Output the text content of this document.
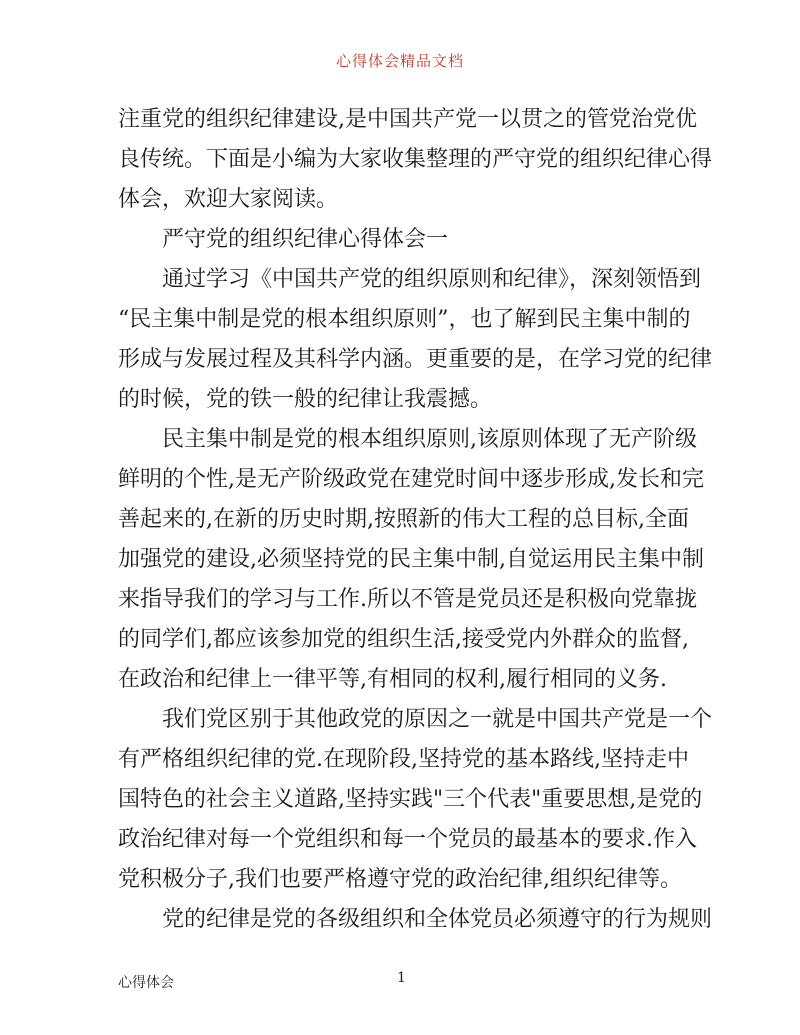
心得体会精品文档
注重党的组织纪律建设,是中国共产党一以贯之的管党治党优
良传统。下面是小编为大家收集整理的严守党的组织纪律心得
体会，欢迎大家阅读。
严守党的组织纪律心得体会一
通过学习《中国共产党的组织原则和纪律》，深刻领悟到
“民主集中制是党的根本组织原则”，也了解到民主集中制的
形成与发展过程及其科学内涵。更重要的是，在学习党的纪律
的时候，党的铁一般的纪律让我震撼。
民主集中制是党的根本组织原则,该原则体现了无产阶级
鲜明的个性,是无产阶级政党在建党时间中逐步形成,发长和完
善起来的,在新的历史时期,按照新的伟大工程的总目标,全面
加强党的建设,必须坚持党的民主集中制,自觉运用民主集中制
来指导我们的学习与工作.所以不管是党员还是积极向党靠拢
的同学们,都应该参加党的组织生活,接受党内外群众的监督,
在政治和纪律上一律平等,有相同的权利,履行相同的义务.
我们党区别于其他政党的原因之一就是中国共产党是一个
有严格组织纪律的党.在现阶段,坚持党的基本路线,坚持走中
国特色的社会主义道路,坚持实践"三个代表"重要思想,是党的
政治纪律对每一个党组织和每一个党员的最基本的要求.作入
党积极分子,我们也要严格遵守党的政治纪律,组织纪律等。
党的纪律是党的各级组织和全体党员必须遵守的行为规则
心得体会	1
